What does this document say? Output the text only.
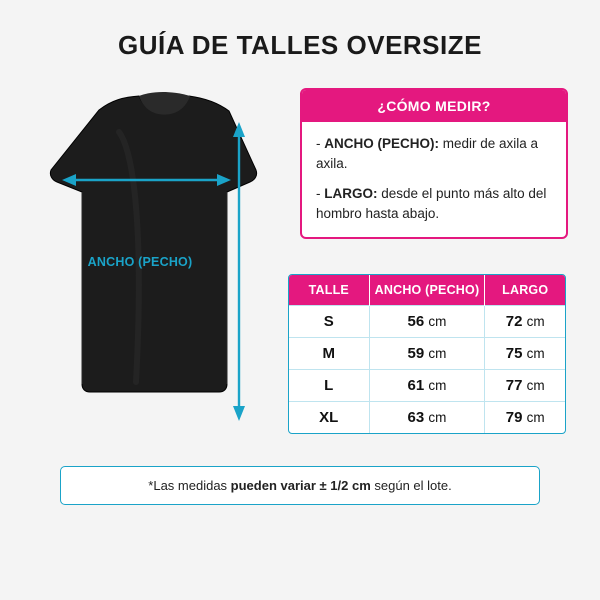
GUÍA DE TALLES OVERSIZE
ANCHO (PECHO)
¿CÓMO MEDIR?

- ANCHO (PECHO): medir de axila a axila.

- LARGO: desde el punto más alto del hombro hasta abajo.

TALLE	ANCHO (PECHO)	LARGO
S	56 cm	72 cm
M	59 cm	75 cm
L	61 cm	77 cm
XL	63 cm	79 cm
*Las medidas pueden variar ± 1/2 cm según el lote.
